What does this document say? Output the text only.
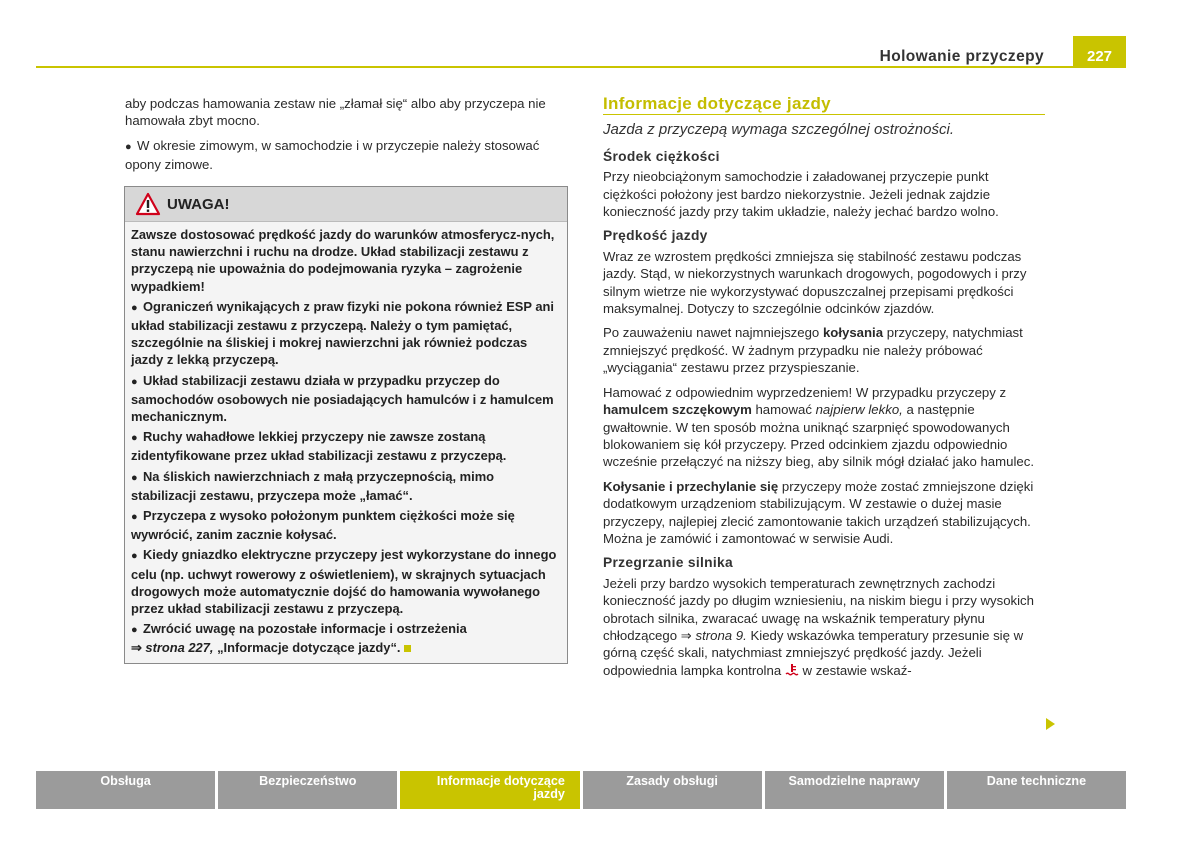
Holowanie przyczepy	227

aby podczas hamowania zestaw nie „złamał się“ albo aby przyczepa nie hamowała zbyt mocno.

● W okresie zimowym, w samochodzie i w przyczepie należy stosować opony zimowe.

UWAGA!

Zawsze dostosować prędkość jazdy do warunków atmosferycz-nych, stanu nawierzchni i ruchu na drodze. Układ stabilizacji zestawu z przyczepą nie upoważnia do podejmowania ryzyka – zagrożenie wypadkiem!

● Ograniczeń wynikających z praw fizyki nie pokona również ESP ani układ stabilizacji zestawu z przyczepą. Należy o tym pamiętać, szczególnie na śliskiej i mokrej nawierzchni jak również podczas jazdy z lekką przyczepą.

● Układ stabilizacji zestawu działa w przypadku przyczep do samochodów osobowych nie posiadających hamulców i z hamulcem mechanicznym.

● Ruchy wahadłowe lekkiej przyczepy nie zawsze zostaną zidentyfikowane przez układ stabilizacji zestawu z przyczepą.

● Na śliskich nawierzchniach z małą przyczepnością, mimo stabilizacji zestawu, przyczepa może „łamać“.

● Przyczepa z wysoko położonym punktem ciężkości może się wywrócić, zanim zacznie kołysać.

● Kiedy gniazdko elektryczne przyczepy jest wykorzystane do innego celu (np. uchwyt rowerowy z oświetleniem), w skrajnych sytuacjach drogowych może automatycznie dojść do hamowania wywołanego przez układ stabilizacji zestawu z przyczepą.

● Zwrócić uwagę na pozostałe informacje i ostrzeżenia
⇒ strona 227, „Informacje dotyczące jazdy“.

Informacje dotyczące jazdy

Jazda z przyczepą wymaga szczególnej ostrożności.

Środek ciężkości

Przy nieobciążonym samochodzie i załadowanej przyczepie punkt ciężkości położony jest bardzo niekorzystnie. Jeżeli jednak zajdzie konieczność jazdy przy takim układzie, należy jechać bardzo wolno.

Prędkość jazdy

Wraz ze wzrostem prędkości zmniejsza się stabilność zestawu podczas jazdy. Stąd, w niekorzystnych warunkach drogowych, pogodowych i przy silnym wietrze nie wykorzystywać dopuszczalnej przepisami prędkości maksymalnej. Dotyczy to szczególnie odcinków zjazdów.

Po zauważeniu nawet najmniejszego kołysania przyczepy, natychmiast zmniejszyć prędkość. W żadnym przypadku nie należy próbować „wyciągania“ zestawu przez przyspieszanie.

Hamować z odpowiednim wyprzedzeniem! W przypadku przyczepy z hamulcem szczękowym hamować najpierw lekko, a następnie gwałtownie. W ten sposób można uniknąć szarpnięć spowodowanych blokowaniem się kół przyczepy. Przed odcinkiem zjazdu odpowiednio wcześnie przełączyć na niższy bieg, aby silnik mógł działać jako hamulec.

Kołysanie i przechylanie się przyczepy może zostać zmniejszone dzięki dodatkowym urządzeniom stabilizującym. W zestawie o dużej masie przyczepy, najlepiej zlecić zamontowanie takich urządzeń stabilizujących. Można je zamówić i zamontować w serwisie Audi.

Przegrzanie silnika

Jeżeli przy bardzo wysokich temperaturach zewnętrznych zachodzi konieczność jazdy po długim wzniesieniu, na niskim biegu i przy wysokich obrotach silnika, zwaracać uwagę na wskaźnik temperatury płynu chłodzącego ⇒ strona 9. Kiedy wskazówka temperatury przesunie się w górną część skali, natychmiast zmniejszyć prędkość jazdy. Jeżeli odpowiednia lampka kontrolna w zestawie wskaź-

Obsługa	Bezpieczeństwo	Informacje dotyczące jazdy
Zasady obsługi	Samodzielne naprawy	Dane techniczne
